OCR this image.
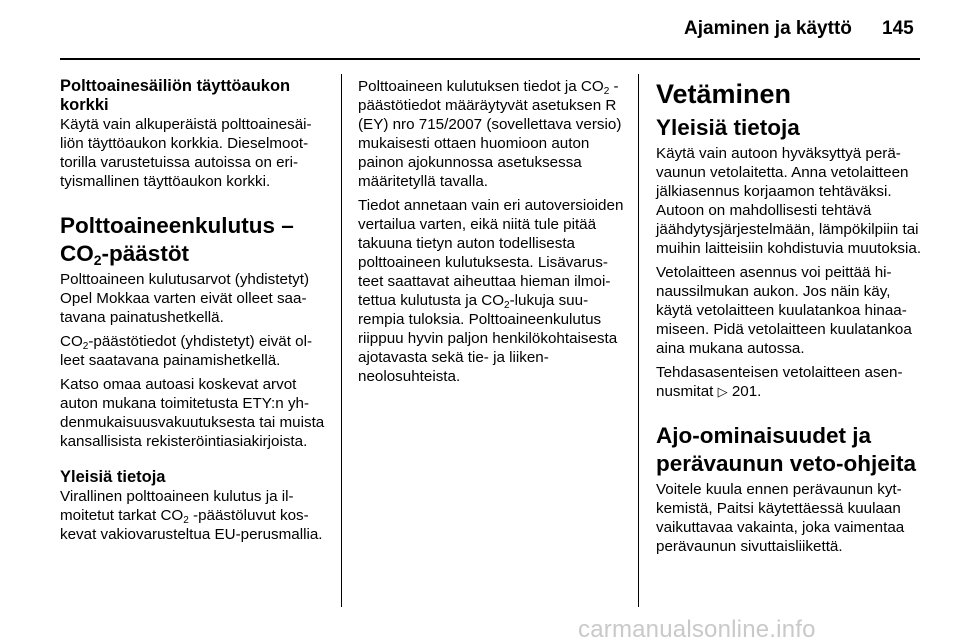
Ajaminen ja käyttö 145
Polttoainesäiliön täyttöaukon korkki

Käytä vain alkuperäistä polttoainesäiliön täyttöaukon korkkia. Dieselmoottorilla varustetuissa autoissa on erityismallinen täyttöaukon korkki.

Polttoaineenkulutus –
$CO_2$-päästöt

Polttoaineen kulutusarvot (yhdistetyt) Opel Mokkaa varten eivät olleet saatavana painatushetkellä.

$CO_2$-päästötiedot (yhdistetyt) eivät olleet saatavana painamishetkellä.

Katso omaa autoasi koskevat arvot auton mukana toimitetusta ETY:n yhdenmukaisuusvakuutuksesta tai muista kansallisista rekisteröintiasiakirjoista.

Yleisiä tietoja

Virallinen polttoaineen kulutus ja ilmoitetut tarkat $CO_2$ -päästöluvut koskevat vakiovarusteltua EU-perusmallia.

Polttoaineen kulutuksen tiedot ja $CO_2$ -päästötiedot määräytyvät asetuksen R (EY) nro 715/2007 (sovellettava versio) mukaisesti ottaen huomioon auton painon ajokunnossa asetuksessa määritetyllä tavalla.

Tiedot annetaan vain eri autoversioiden vertailua varten, eikä niitä tule pitää takuuna tietyn auton todellisesta polttoaineen kulutuksesta. Lisävarusteet saattavat aiheuttaa hieman ilmoitettua kulutusta ja $CO_2$-lukuja suurempia tuloksia. Polttoaineenkulutus riippuu hyvin paljon henkilökohtaisesta ajotavasta sekä tie- ja liikenneolosuhteista.

Vetäminen
Yleisiä tietoja

Käytä vain autoon hyväksyttyä perävaunun vetolaitetta. Anna vetolaitteen jälkiasennus korjaamon tehtäväksi. Autoon on mahdollisesti tehtävä jäähdytysjärjestelmään, lämpökilpiin tai muihin laitteisiin kohdistuvia muutoksia.

Vetolaitteen asennus voi peittää hinaussilmukan aukon. Jos näin käy, käytä vetolaitteen kuulatankoa hinaamiseen. Pidä vetolaitteen kuulatankoa aina mukana autossa.

Tehdasasenteisen vetolaitteen asennusmitat ▷ 201.

Ajo-ominaisuudet ja perävaunun veto-ohjeita

Voitele kuula ennen perävaunun kytkemistä, Paitsi käytettäessä kuulaan vaikuttavaa vakainta, joka vaimentaa perävaunun sivuttaisliikettä.

carmanualsonline.info
